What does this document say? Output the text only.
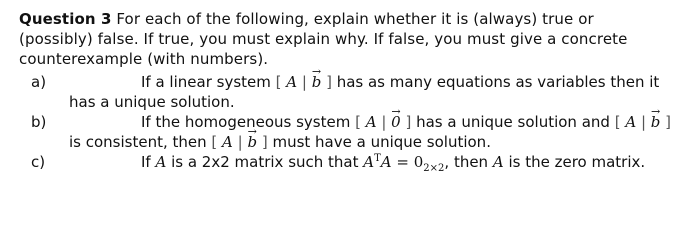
Question 3 For each of the following, explain whether it is (always) true or (possibly) false. If true, you must explain why. If false, you must give a concrete counterexample (with numbers).

a)	If a linear system [ A | → b ] has as many equations as variables then it
has a unique solution.
b)	If the homogeneous system [ A | → 0 ] has a unique solution and [ A | → b ]
is consistent, then [ A | → b ] must have a unique solution.
c)	If A is a 2x2 matrix such that $A^TA = 0_{2\times 2}$, then A is the zero matrix.
